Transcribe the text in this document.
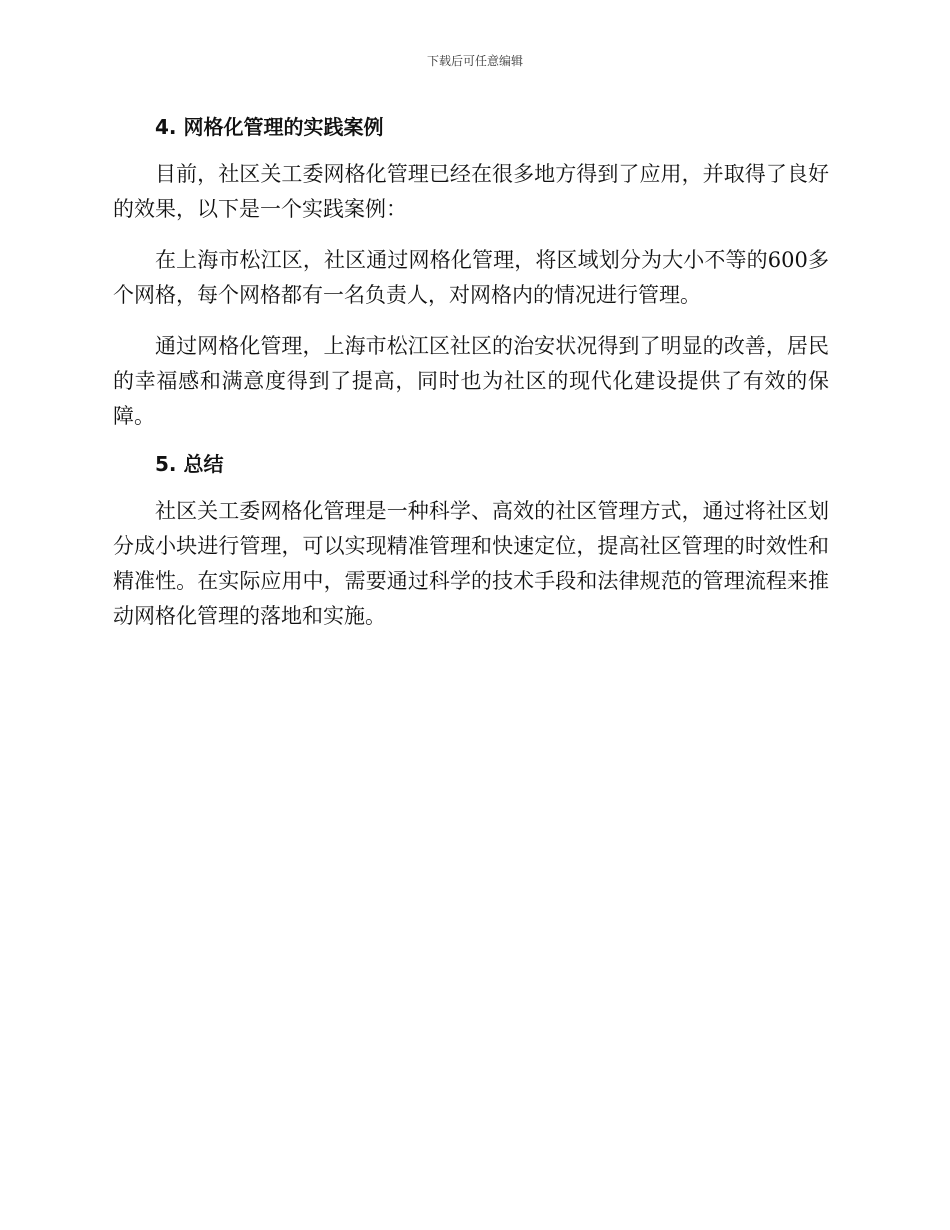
下载后可任意编辑
4. 网格化管理的实践案例

目前，社区关工委网格化管理已经在很多地方得到了应用，并取得了良好的效果，以下是一个实践案例：

在上海市松江区，社区通过网格化管理，将区域划分为大小不等的600多个网格，每个网格都有一名负责人，对网格内的情况进行管理。

通过网格化管理，上海市松江区社区的治安状况得到了明显的改善，居民的幸福感和满意度得到了提高，同时也为社区的现代化建设提供了有效的保障。

5. 总结

社区关工委网格化管理是一种科学、高效的社区管理方式，通过将社区划分成小块进行管理，可以实现精准管理和快速定位，提高社区管理的时效性和精准性。在实际应用中，需要通过科学的技术手段和法律规范的管理流程来推动网格化管理的落地和实施。
